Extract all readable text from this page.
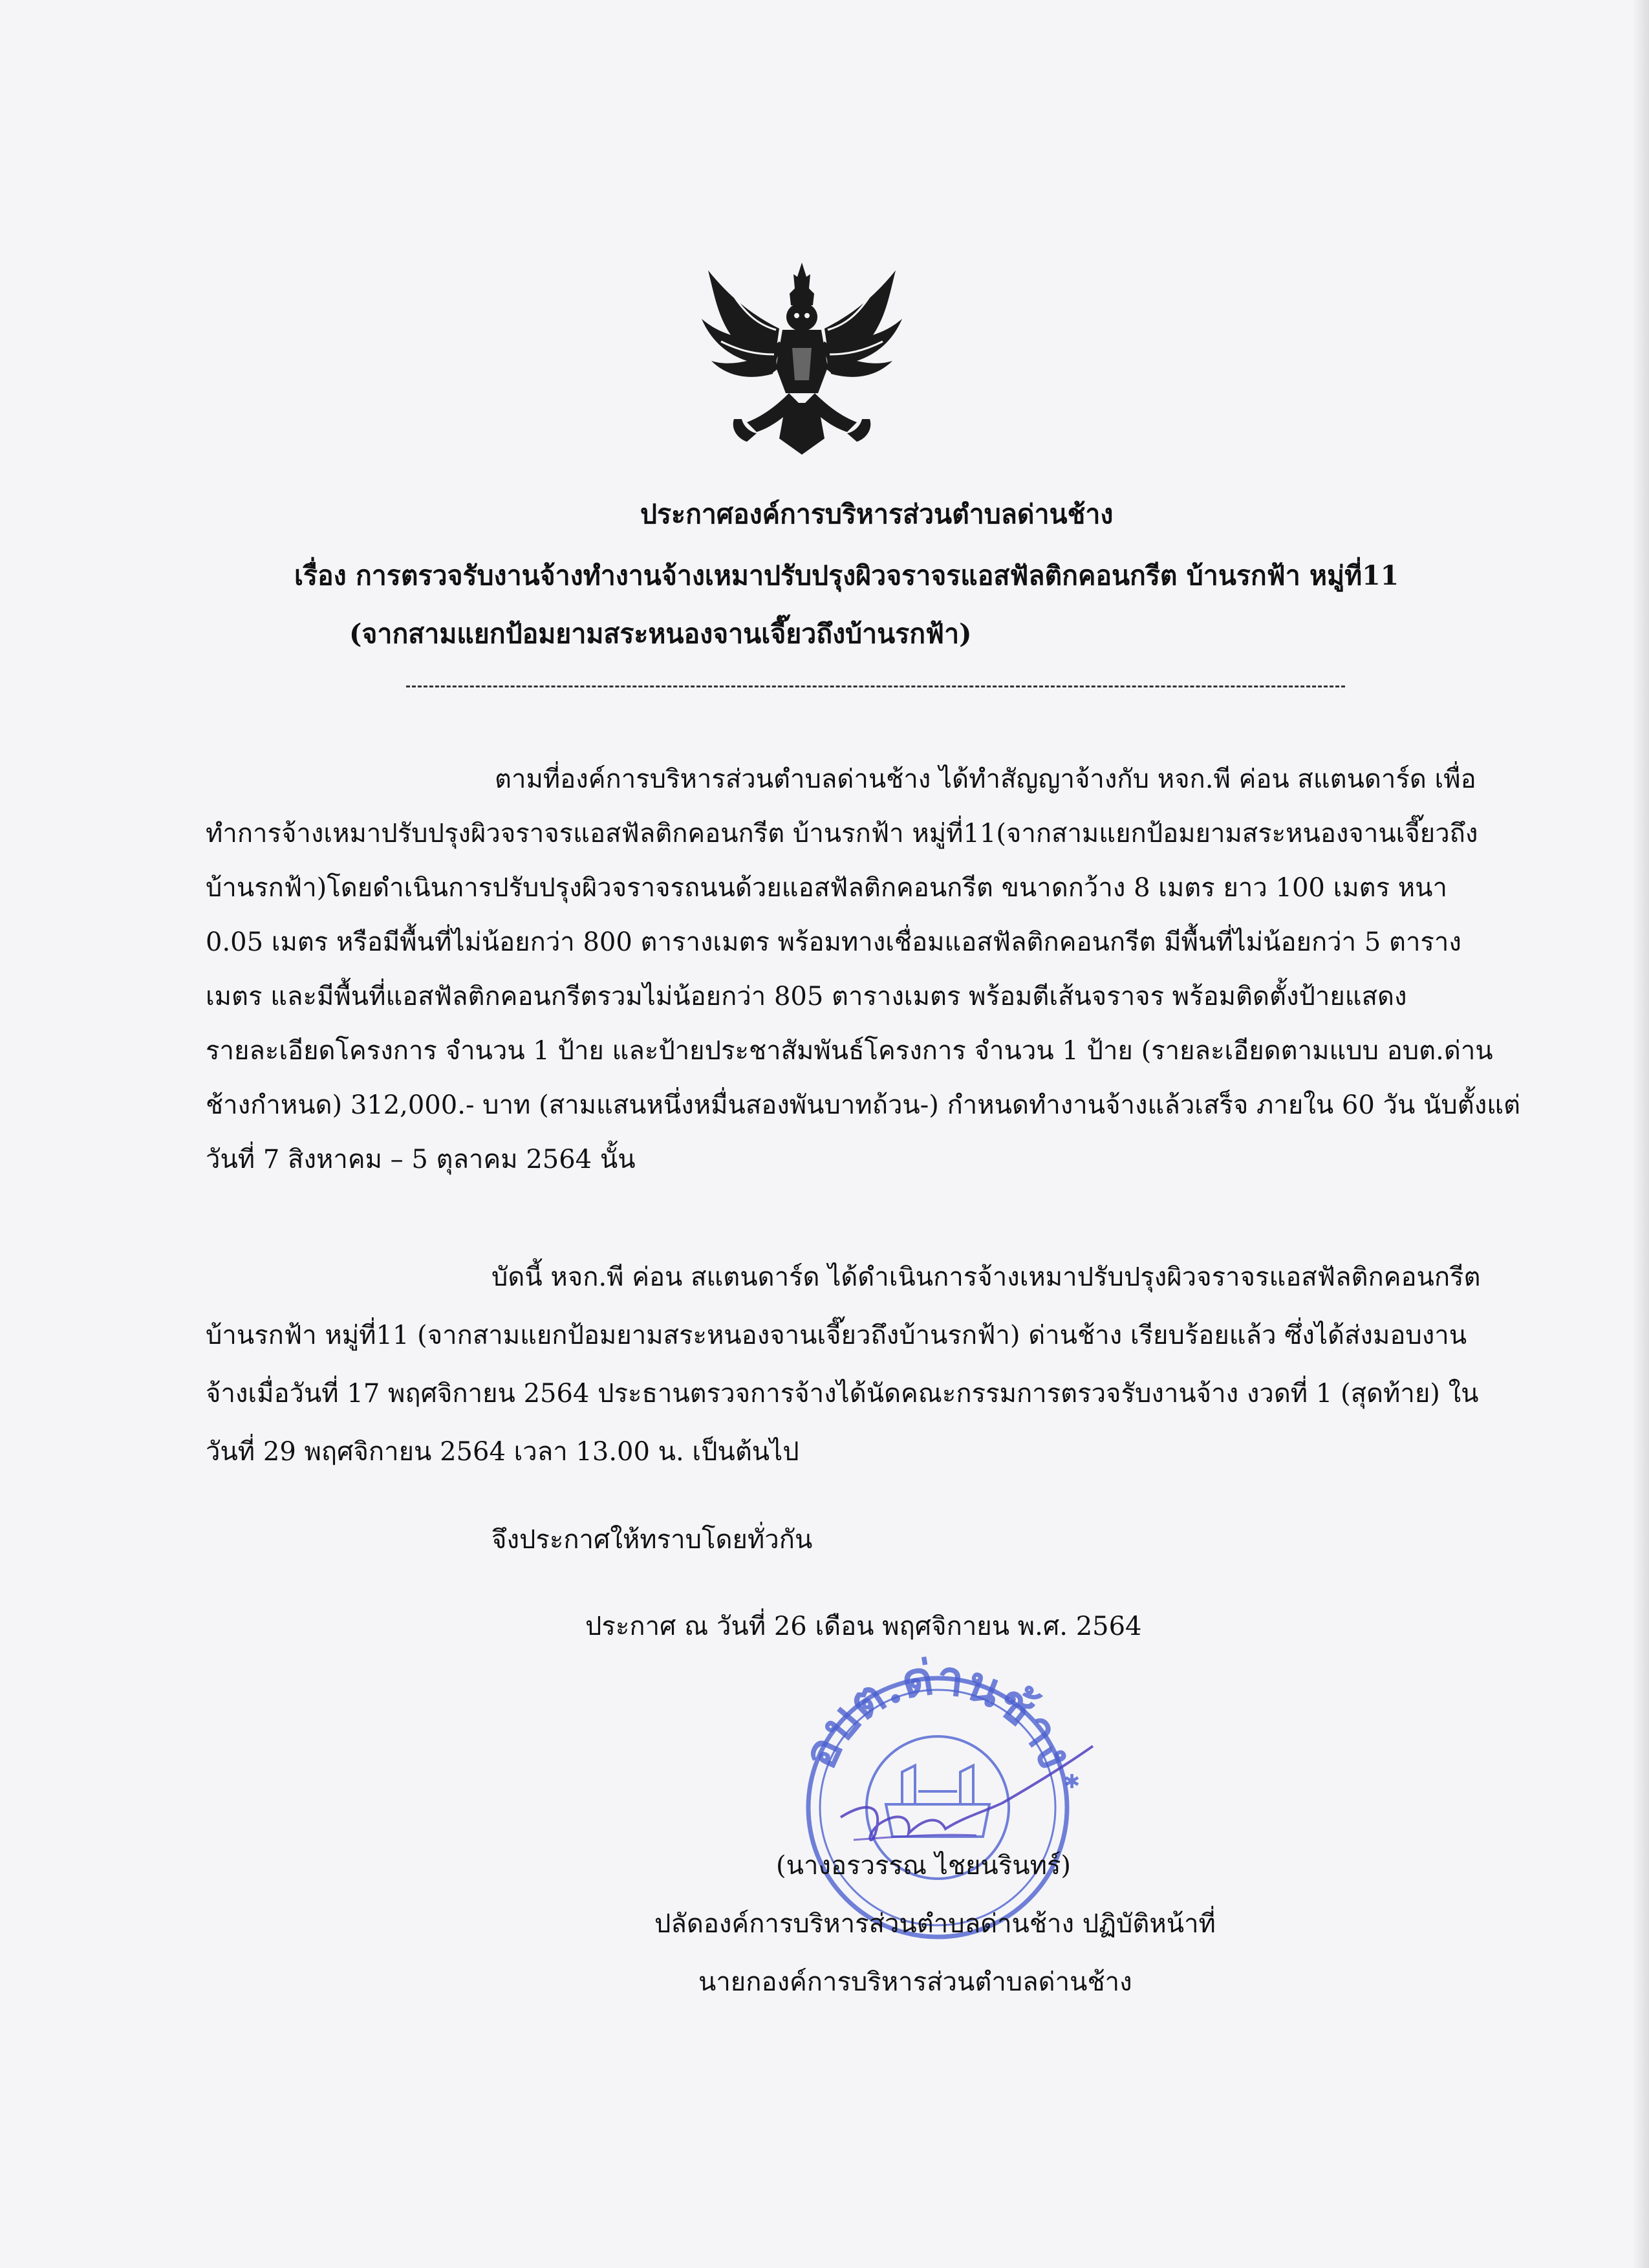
ประกาศองค์การบริหารส่วนตำบลด่านช้าง
เรื่อง การตรวจรับงานจ้างทำงานจ้างเหมาปรับปรุงผิวจราจรแอสฟัลติกคอนกรีต บ้านรกฟ้า หมู่ที่11
(จากสามแยกป้อมยามสระหนองจานเจี๊ยวถึงบ้านรกฟ้า)
ตามที่องค์การบริหารส่วนตำบลด่านช้าง ได้ทำสัญญาจ้างกับ หจก.พี ค่อน สแตนดาร์ด เพื่อ
ทำการจ้างเหมาปรับปรุงผิวจราจรแอสฟัลติกคอนกรีต บ้านรกฟ้า หมู่ที่11(จากสามแยกป้อมยามสระหนองจานเจี๊ยวถึง
บ้านรกฟ้า)โดยดำเนินการปรับปรุงผิวจราจรถนนด้วยแอสฟัลติกคอนกรีต ขนาดกว้าง 8 เมตร ยาว 100 เมตร หนา
0.05 เมตร หรือมีพื้นที่ไม่น้อยกว่า 800 ตารางเมตร พร้อมทางเชื่อมแอสฟัลติกคอนกรีต มีพื้นที่ไม่น้อยกว่า 5 ตาราง
เมตร และมีพื้นที่แอสฟัลติกคอนกรีตรวมไม่น้อยกว่า 805 ตารางเมตร พร้อมตีเส้นจราจร พร้อมติดตั้งป้ายแสดง
รายละเอียดโครงการ จำนวน 1 ป้าย และป้ายประชาสัมพันธ์โครงการ จำนวน 1 ป้าย (รายละเอียดตามแบบ อบต.ด่าน
ช้างกำหนด) 312,000.- บาท (สามแสนหนึ่งหมื่นสองพันบาทถ้วน-) กำหนดทำงานจ้างแล้วเสร็จ ภายใน 60 วัน นับตั้งแต่
วันที่ 7 สิงหาคม – 5 ตุลาคม 2564 นั้น
บัดนี้ หจก.พี ค่อน สแตนดาร์ด ได้ดำเนินการจ้างเหมาปรับปรุงผิวจราจรแอสฟัลติกคอนกรีต
บ้านรกฟ้า หมู่ที่11 (จากสามแยกป้อมยามสระหนองจานเจี๊ยวถึงบ้านรกฟ้า) ด่านช้าง เรียบร้อยแล้ว ซึ่งได้ส่งมอบงาน
จ้างเมื่อวันที่ 17 พฤศจิกายน 2564 ประธานตรวจการจ้างได้นัดคณะกรรมการตรวจรับงานจ้าง งวดที่ 1 (สุดท้าย) ใน
วันที่ 29 พฤศจิกายน 2564 เวลา 13.00 น. เป็นต้นไป
จึงประกาศให้ทราบโดยทั่วกัน
ประกาศ ณ วันที่ 26 เดือน พฤศจิกายน พ.ศ. 2564
อบต.ด่านช้าง
✱
(นางอรวรรณ ไชยนรินทร์)
ปลัดองค์การบริหารส่วนตำบลด่านช้าง ปฏิบัติหน้าที่
นายกองค์การบริหารส่วนตำบลด่านช้าง
